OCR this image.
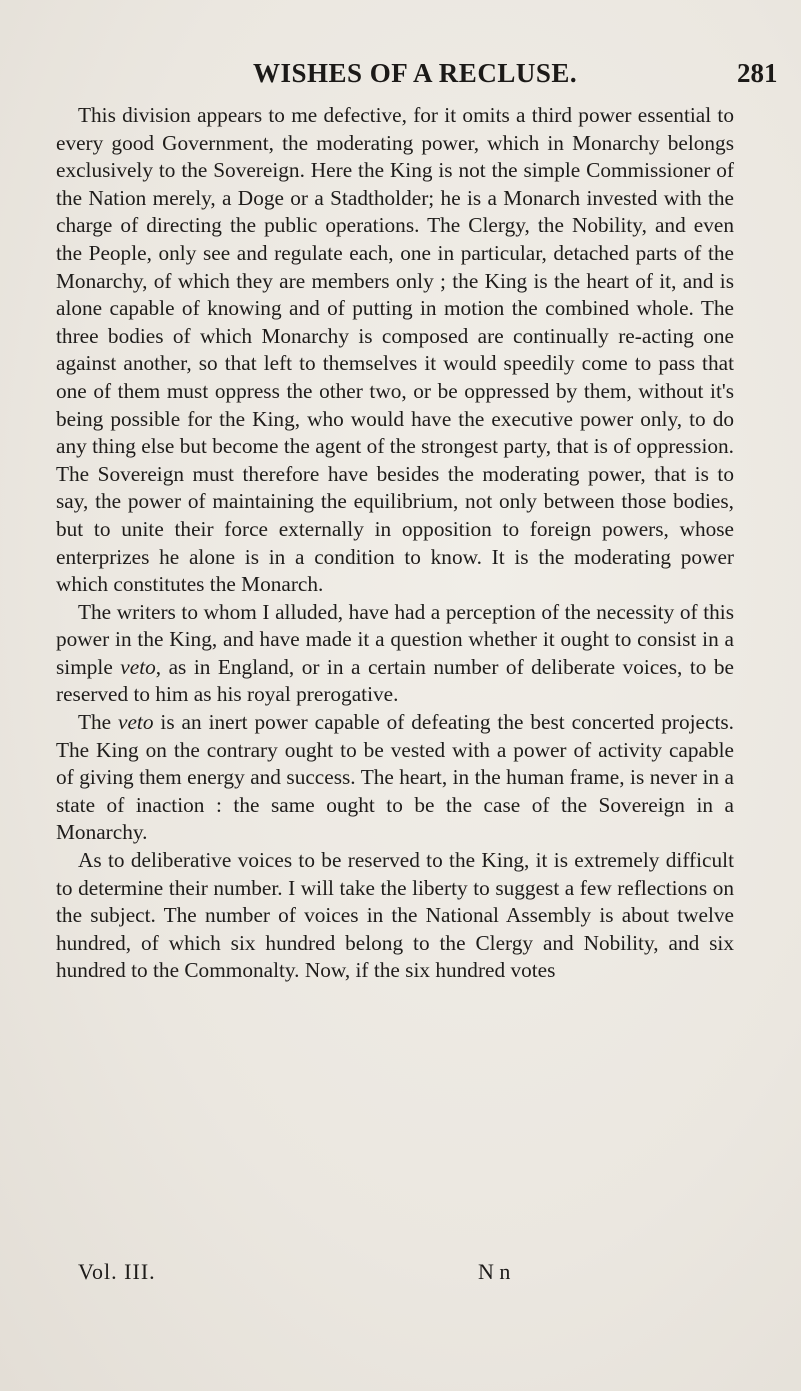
WISHES OF A RECLUSE.	281

This division appears to me defective, for it omits a third power essential to every good Government, the moderating power, which in Monarchy belongs exclusively to the Sovereign. Here the King is not the simple Commissioner of the Nation merely, a Doge or a Stadtholder; he is a Monarch invested with the charge of directing the public operations. The Clergy, the Nobility, and even the People, only see and regulate each, one in particular, detached parts of the Monarchy, of which they are members only ; the King is the heart of it, and is alone capable of knowing and of putting in motion the combined whole. The three bodies of which Monarchy is composed are continually re-acting one against another, so that left to themselves it would speedily come to pass that one of them must oppress the other two, or be oppressed by them, without it's being possible for the King, who would have the executive power only, to do any thing else but become the agent of the strongest party, that is of oppression. The Sovereign must therefore have besides the moderating power, that is to say, the power of maintaining the equilibrium, not only between those bodies, but to unite their force externally in opposition to foreign powers, whose enterprizes he alone is in a condition to know. It is the moderating power which constitutes the Monarch.

The writers to whom I alluded, have had a perception of the necessity of this power in the King, and have made it a question whether it ought to consist in a simple veto, as in England, or in a certain number of deliberate voices, to be reserved to him as his royal prerogative.

The veto is an inert power capable of defeating the best concerted projects. The King on the contrary ought to be vested with a power of activity capable of giving them energy and success. The heart, in the human frame, is never in a state of inaction : the same ought to be the case of the Sovereign in a Monarchy.

As to deliberative voices to be reserved to the King, it is extremely difficult to determine their number. I will take the liberty to suggest a few reflections on the subject. The number of voices in the National Assembly is about twelve hundred, of which six hundred belong to the Clergy and Nobility, and six hundred to the Commonalty. Now, if the six hundred votes

Vol. III.	N n
